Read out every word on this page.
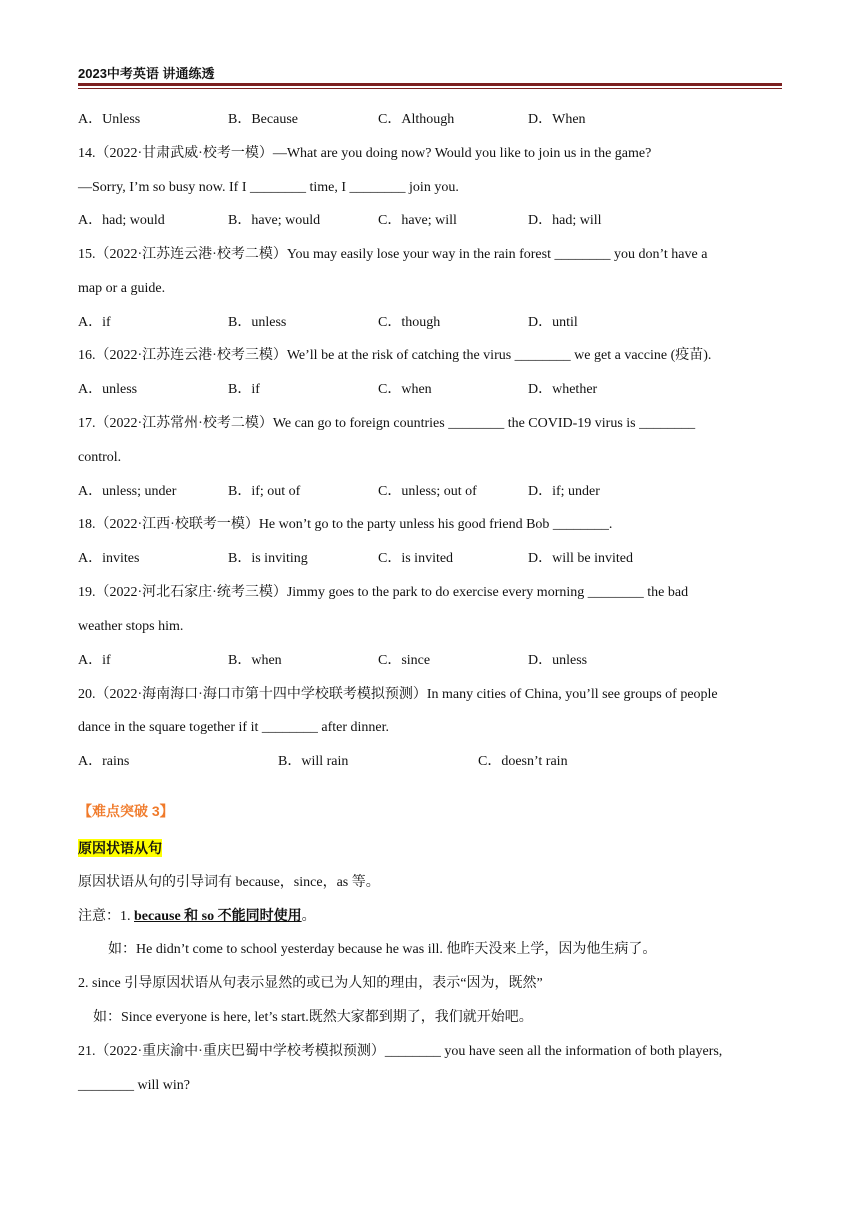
2023中考英语 讲通练透
A．Unless	B．Because	C．Although	D．When
14.（2022·甘肃武威·校考一模）—What are you doing now? Would you like to join us in the game?
—Sorry, I’m so busy now. If I ________ time, I ________ join you.
A．had; would	B．have; would	C．have; will	D．had; will
15.（2022·江苏连云港·校考二模）You may easily lose your way in the rain forest ________ you don’t have a
map or a guide.
A．if	B．unless	C．though	D．until
16.（2022·江苏连云港·校考三模）We’ll be at the risk of catching the virus ________ we get a vaccine (疫苗).
A．unless	B．if	C．when	D．whether
17.（2022·江苏常州·校考二模）We can go to foreign countries ________ the COVID-19 virus is ________
control.
A．unless; under	B．if; out of	C．unless; out of	D．if; under
18.（2022·江西·校联考一模）He won’t go to the party unless his good friend Bob ________.
A．invites	B．is inviting	C．is invited	D．will be invited
19.（2022·河北石家庄·统考三模）Jimmy goes to the park to do exercise every morning ________ the bad
weather stops him.
A．if	B．when	C．since	D．unless
20.（2022·海南海口·海口市第十四中学校联考模拟预测）In many cities of China, you’ll see groups of people
dance in the square together if it ________ after dinner.
A．rains	B．will rain	C．doesn’t rain
【难点突破 3】
原因状语从句
原因状语从句的引导词有 because，since，as 等。
注意：1. because 和 so 不能同时使用。
如：He didn’t come to school yesterday because he was ill. 他昨天没来上学，因为他生病了。
2. since 引导原因状语从句表示显然的或已为人知的理由，表示“因为，既然”
如：Since everyone is here, let’s start.既然大家都到期了，我们就开始吧。
21.（2022·重庆渝中·重庆巴蜀中学校考模拟预测）________ you have seen all the information of both players,
________ will win?
